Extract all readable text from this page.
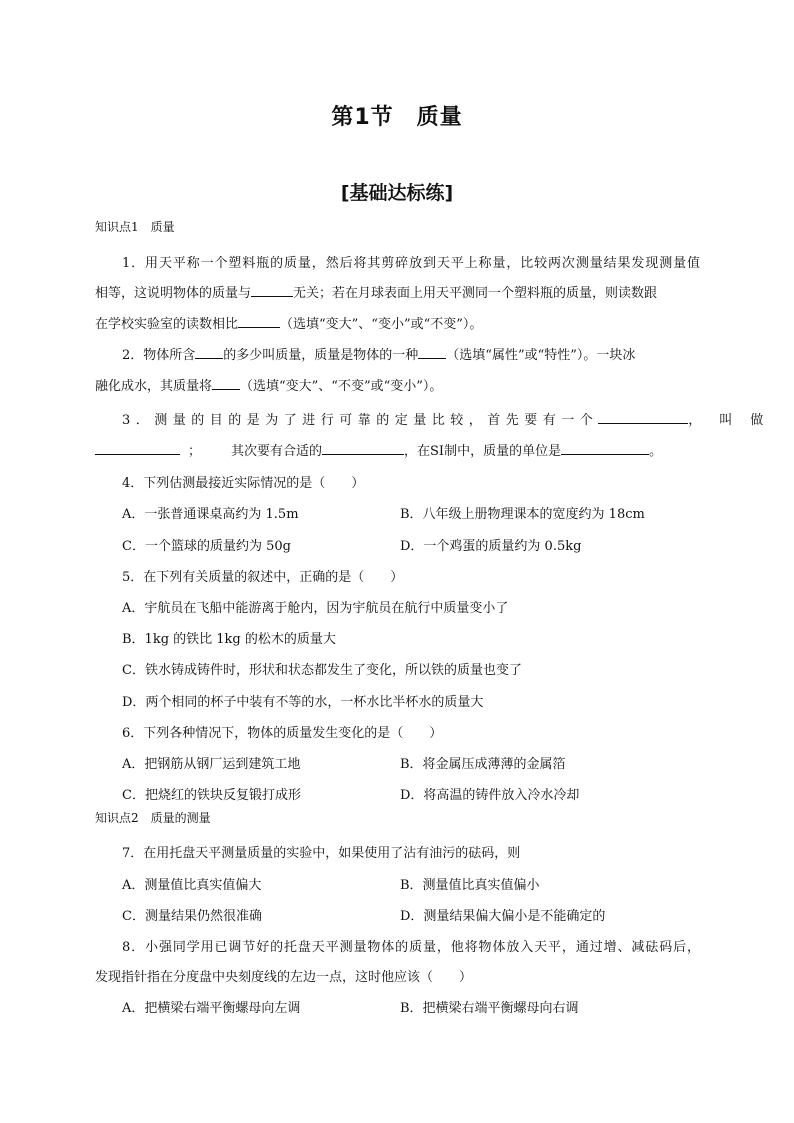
第1节　质量
[基础达标练]
知识点1　质量
1．用天平称一个塑料瓶的质量，然后将其剪碎放到天平上称量，比较两次测量结果发现测量值
相等，这说明物体的质量与	无关；若在月球表面上用天平测同一个塑料瓶的质量，则读数跟
在学校实验室的读数相比	（选填“变大”、“变小”或“不变”）。
2．物体所含 的多少叫质量，质量是物体的一种 （选填“属性”或“特性”）。一块冰
融化成水，其质量将 （选填“变大”、“不变”或“变小”）。
3．测量的目的是为了进行可靠的定量比较，首先要有一个	，叫做
； 其次要有合适的	，在SI制中，质量的单位是	。
4．下列估测最接近实际情况的是（　　）
A．一张普通课桌高约为 1.5m	B．八年级上册物理课本的宽度约为 18cm
C．一个篮球的质量约为 50g	D．一个鸡蛋的质量约为 0.5kg
5．在下列有关质量的叙述中，正确的是（　　）
A．宇航员在飞船中能游离于舱内，因为宇航员在航行中质量变小了
B．1kg 的铁比 1kg 的松木的质量大
C．铁水铸成铸件时，形状和状态都发生了变化，所以铁的质量也变了
D．两个相同的杯子中装有不等的水，一杯水比半杯水的质量大
6．下列各种情况下，物体的质量发生变化的是（　　）
A．把钢筋从钢厂运到建筑工地	B．将金属压成薄薄的金属箔
C．把烧红的铁块反复锻打成形	D．将高温的铸件放入冷水冷却
知识点2　质量的测量
7．在用托盘天平测量质量的实验中，如果使用了沾有油污的砝码，则
A．测量值比真实值偏大	B．测量值比真实值偏小
C．测量结果仍然很准确	D．测量结果偏大偏小是不能确定的
8．小强同学用已调节好的托盘天平测量物体的质量，他将物体放入天平，通过增、减砝码后，
发现指针指在分度盘中央刻度线的左边一点，这时他应该（　　）
A．把横梁右端平衡螺母向左调	B．把横梁右端平衡螺母向右调
